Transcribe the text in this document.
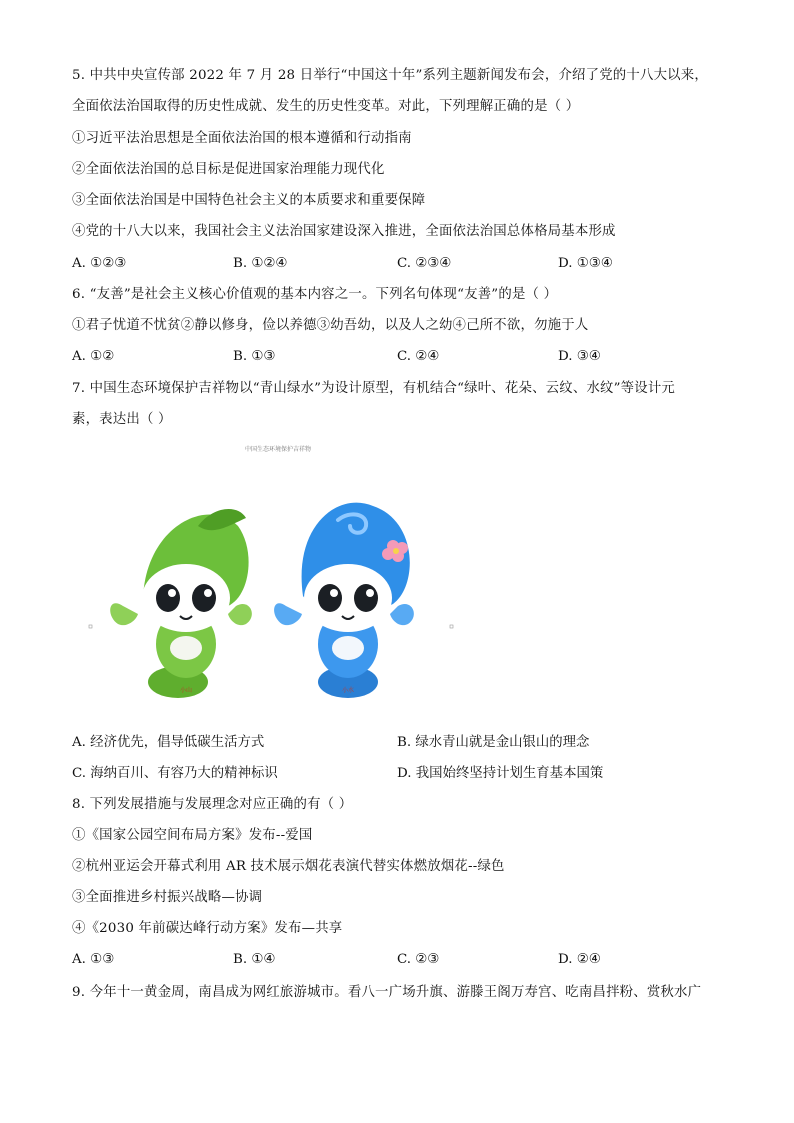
5. 中共中央宣传部 2022 年 7 月 28 日举行“中国这十年”系列主题新闻发布会，介绍了党的十八大以来，
全面依法治国取得的历史性成就、发生的历史性变革。对此，下列理解正确的是（ ）
①习近平法治思想是全面依法治国的根本遵循和行动指南
②全面依法治国的总目标是促进国家治理能力现代化
③全面依法治国是中国特色社会主义的本质要求和重要保障
④党的十八大以来，我国社会主义法治国家建设深入推进，全面依法治国总体格局基本形成
A. ①②③	B. ①②④	C. ②③④	D. ①③④
6. “友善”是社会主义核心价值观的基本内容之一。下列名句体现“友善”的是（ ）
①君子忧道不忧贫②静以修身，俭以养德③幼吾幼，以及人之幼④己所不欲，勿施于人
A. ①②	B. ①③	C. ②④	D. ③④
7. 中国生态环境保护吉祥物以“青山绿水”为设计原型，有机结合“绿叶、花朵、云纹、水纹”等设计元
素，表达出（ ）
中国生态环境保护吉祥物
小山	小水
A. 经济优先，倡导低碳生活方式	B. 绿水青山就是金山银山的理念
C. 海纳百川、有容乃大的精神标识	D. 我国始终坚持计划生育基本国策
8. 下列发展措施与发展理念对应正确的有（ ）
①《国家公园空间布局方案》发布--爱国
②杭州亚运会开幕式利用 AR 技术展示烟花表演代替实体燃放烟花--绿色
③全面推进乡村振兴战略—协调
④《2030 年前碳达峰行动方案》发布—共享
A. ①③	B. ①④	C. ②③	D. ②④
9. 今年十一黄金周，南昌成为网红旅游城市。看八一广场升旗、游滕王阁万寿宫、吃南昌拌粉、赏秋水广
